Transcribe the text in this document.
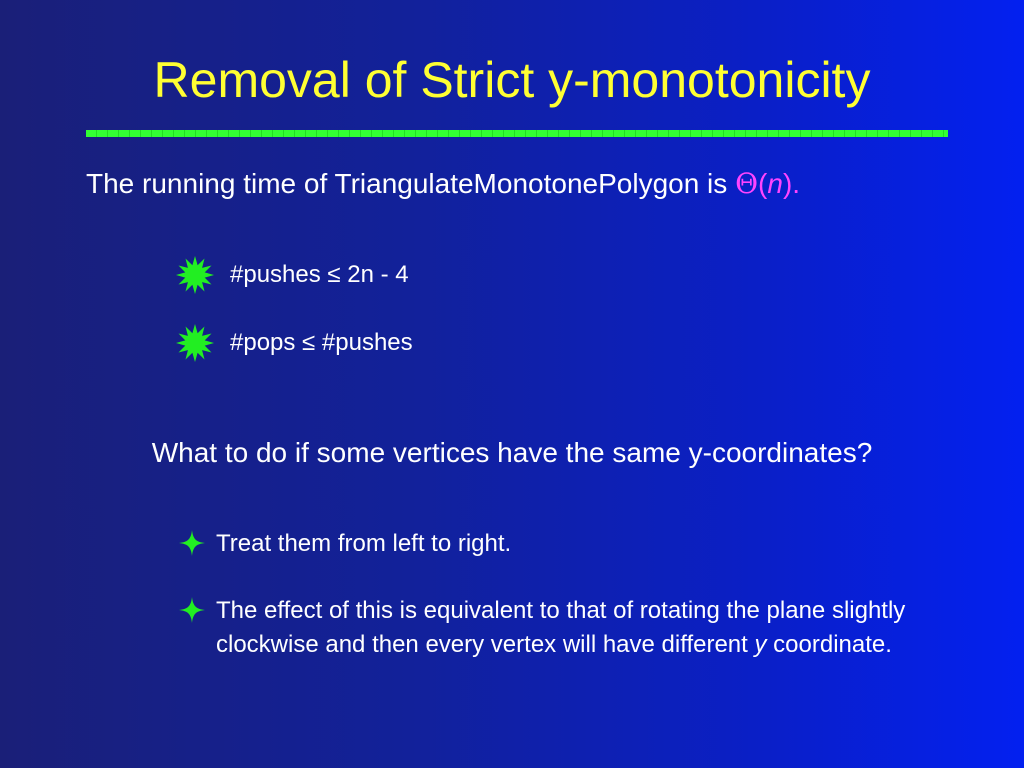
Removal of Strict y-monotonicity
The running time of TriangulateMonotonePolygon is Θ(n).
#pushes ≤ 2n - 4
#pops ≤ #pushes
What to do if some vertices have the same y-coordinates?
Treat them from left to right.
The effect of this is equivalent to that of rotating the plane slightly clockwise and then every vertex will have different y coordinate.
